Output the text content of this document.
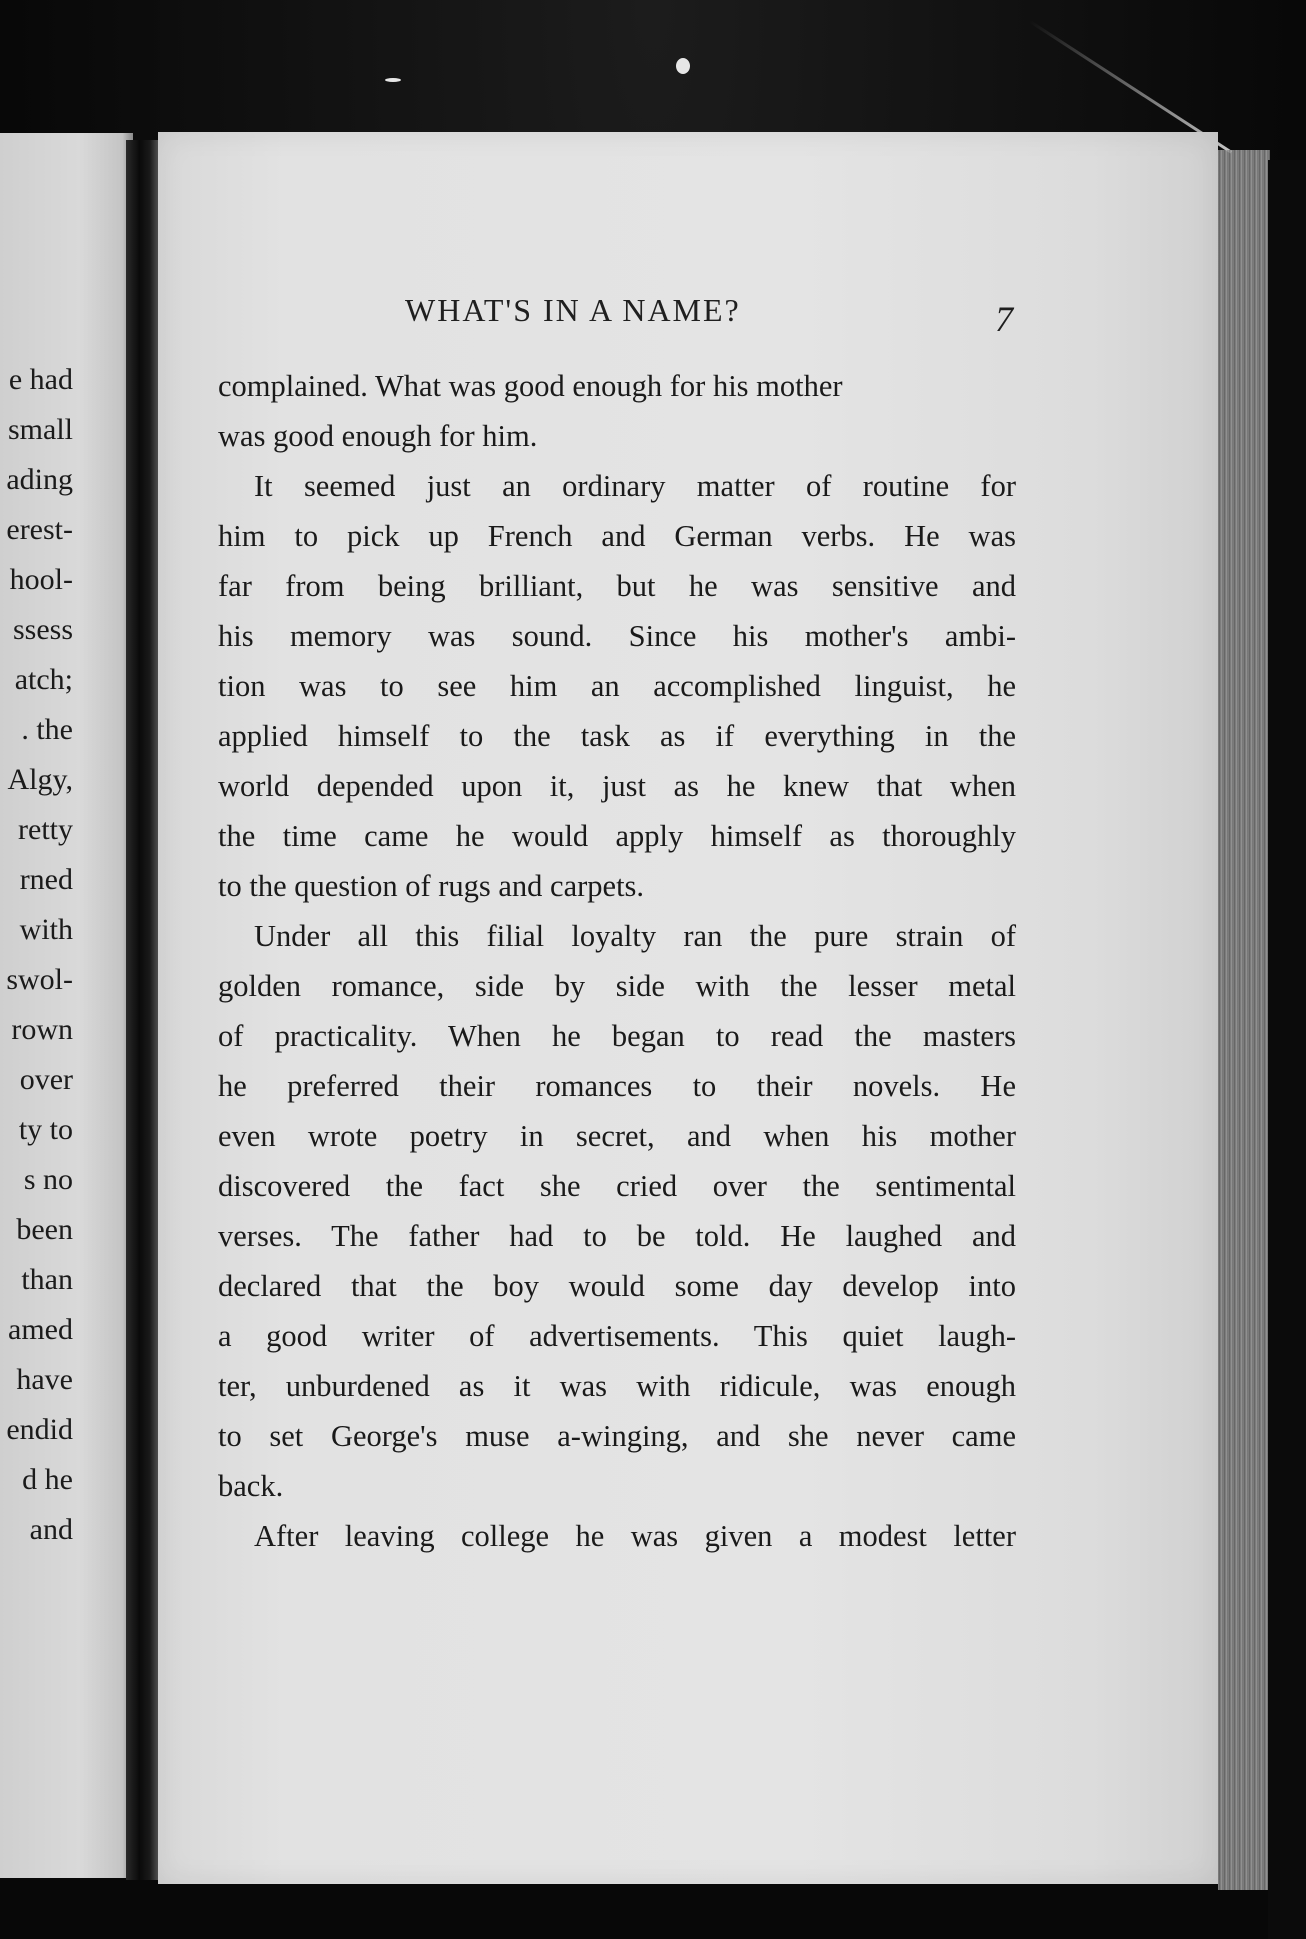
e had
small
ading
erest-
hool-
ssess
atch;
. the
Algy,
retty
rned
with
swol-
rown
over
ty to
s no
been
than
amed
have
endid
d he
and
WHAT'S IN A NAME?	7
complained. What was good enough for his mother
was good enough for him.
It seemed just an ordinary matter of routine for
him to pick up French and German verbs. He was
far from being brilliant, but he was sensitive and
his memory was sound. Since his mother's ambi-
tion was to see him an accomplished linguist, he
applied himself to the task as if everything in the
world depended upon it, just as he knew that when
the time came he would apply himself as thoroughly
to the question of rugs and carpets.
Under all this filial loyalty ran the pure strain of
golden romance, side by side with the lesser metal
of practicality. When he began to read the masters
he preferred their romances to their novels. He
even wrote poetry in secret, and when his mother
discovered the fact she cried over the sentimental
verses. The father had to be told. He laughed and
declared that the boy would some day develop into
a good writer of advertisements. This quiet laugh-
ter, unburdened as it was with ridicule, was enough
to set George's muse a-winging, and she never came
back.
After leaving college he was given a modest letter
